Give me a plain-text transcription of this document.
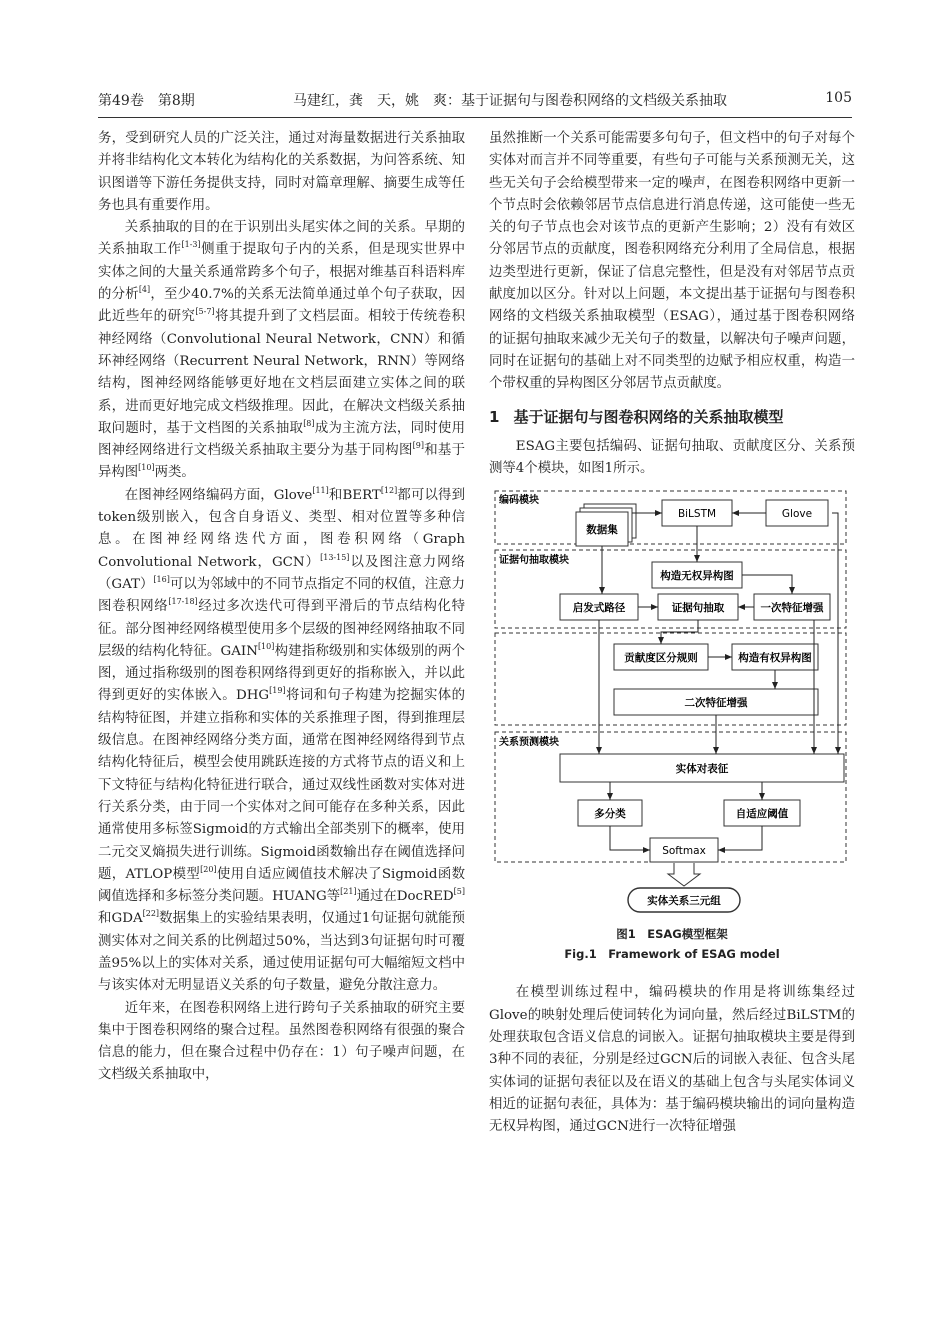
第49卷　第8期	马建红，龚　天，姚　爽：基于证据句与图卷积网络的文档级关系抽取	105

务，受到研究人员的广泛关注，通过对海量数据进行关系抽取并将非结构化文本转化为结构化的关系数据，为问答系统、知识图谱等下游任务提供支持，同时对篇章理解、摘要生成等任务也具有重要作用。

关系抽取的目的在于识别出头尾实体之间的关系。早期的关系抽取工作[1-3]侧重于提取句子内的关系，但是现实世界中实体之间的大量关系通常跨多个句子，根据对维基百科语料库的分析[4]，至少40.7%的关系无法简单通过单个句子获取，因此近些年的研究[5-7]将其提升到了文档层面。相较于传统卷积神经网络（Convolutional Neural Network，CNN）和循环神经网络（Recurrent Neural Network，RNN）等网络结构，图神经网络能够更好地在文档层面建立实体之间的联系，进而更好地完成文档级推理。因此，在解决文档级关系抽取问题时，基于文档图的关系抽取[8]成为主流方法，同时使用图神经网络进行文档级关系抽取主要分为基于同构图[9]和基于异构图[10]两类。

在图神经网络编码方面，Glove[11]和BERT[12]都可以得到token级别嵌入，包含自身语义、类型、相对位置等多种信息。在图神经网络迭代方面，图卷积网络（Graph Convolutional Network，GCN）[13-15]以及图注意力网络（GAT）[16]可以为邻域中的不同节点指定不同的权值，注意力图卷积网络[17-18]经过多次迭代可得到平滑后的节点结构化特征。部分图神经网络模型使用多个层级的图神经网络抽取不同层级的结构化特征。GAIN[10]构建指称级别和实体级别的两个图，通过指称级别的图卷积网络得到更好的指称嵌入，并以此得到更好的实体嵌入。DHG[19]将词和句子构建为挖掘实体的结构特征图，并建立指称和实体的关系推理子图，得到推理层级信息。在图神经网络分类方面，通常在图神经网络得到节点结构化特征后，模型会使用跳跃连接的方式将节点的语义和上下文特征与结构化特征进行联合，通过双线性函数对实体对进行关系分类，由于同一个实体对之间可能存在多种关系，因此通常使用多标签Sigmoid的方式输出全部类别下的概率，使用二元交叉熵损失进行训练。Sigmoid函数输出存在阈值选择问题，ATLOP模型[20]使用自适应阈值技术解决了Sigmoid函数阈值选择和多标签分类问题。HUANG等[21]通过在DocRED[5]和GDA[22]数据集上的实验结果表明，仅通过1句证据句就能预测实体对之间关系的比例超过50%，当达到3句证据句时可覆盖95%以上的实体对关系，通过使用证据句可大幅缩短文档中与该实体对无明显语义关系的句子数量，避免分散注意力。

近年来，在图卷积网络上进行跨句子关系抽取的研究主要集中于图卷积网络的聚合过程。虽然图卷积网络有很强的聚合信息的能力，但在聚合过程中仍存在：1）句子噪声问题，在文档级关系抽取中，

虽然推断一个关系可能需要多句句子，但文档中的句子对每个实体对而言并不同等重要，有些句子可能与关系预测无关，这些无关句子会给模型带来一定的噪声，在图卷积网络中更新一个节点时会依赖邻居节点信息进行消息传递，这可能使一些无关的句子节点也会对该节点的更新产生影响；2）没有有效区分邻居节点的贡献度，图卷积网络充分利用了全局信息，根据边类型进行更新，保证了信息完整性，但是没有对邻居节点贡献度加以区分。针对以上问题，本文提出基于证据句与图卷积网络的文档级关系抽取模型（ESAG），通过基于图卷积网络的证据句抽取来减少无关句子的数量，以解决句子噪声问题，同时在证据句的基础上对不同类型的边赋予相应权重，构造一个带权重的异构图区分邻居节点贡献度。

1 基于证据句与图卷积网络的关系抽取模型

ESAG主要包括编码、证据句抽取、贡献度区分、关系预测等4个模块，如图1所示。

编码模块
证据句抽取模块
关系预测模块
数据集
BiLSTM	Glove
构造无权异构图
启发式路径	证据句抽取	一次特征增强
贡献度区分规则	构造有权异构图
二次特征增强
实体对表征
多分类	自适应阈值
Softmax
实体关系三元组
图1　ESAG模型框架
Fig.1　Framework of ESAG model

在模型训练过程中，编码模块的作用是将训练集经过Glove的映射处理后使词转化为词向量，然后经过BiLSTM的处理获取包含语义信息的词嵌入。证据句抽取模块主要是得到3种不同的表征，分别是经过GCN后的词嵌入表征、包含头尾实体词的证据句表征以及在语义的基础上包含与头尾实体词义相近的证据句表征，具体为：基于编码模块输出的词向量构造无权异构图，通过GCN进行一次特征增强
